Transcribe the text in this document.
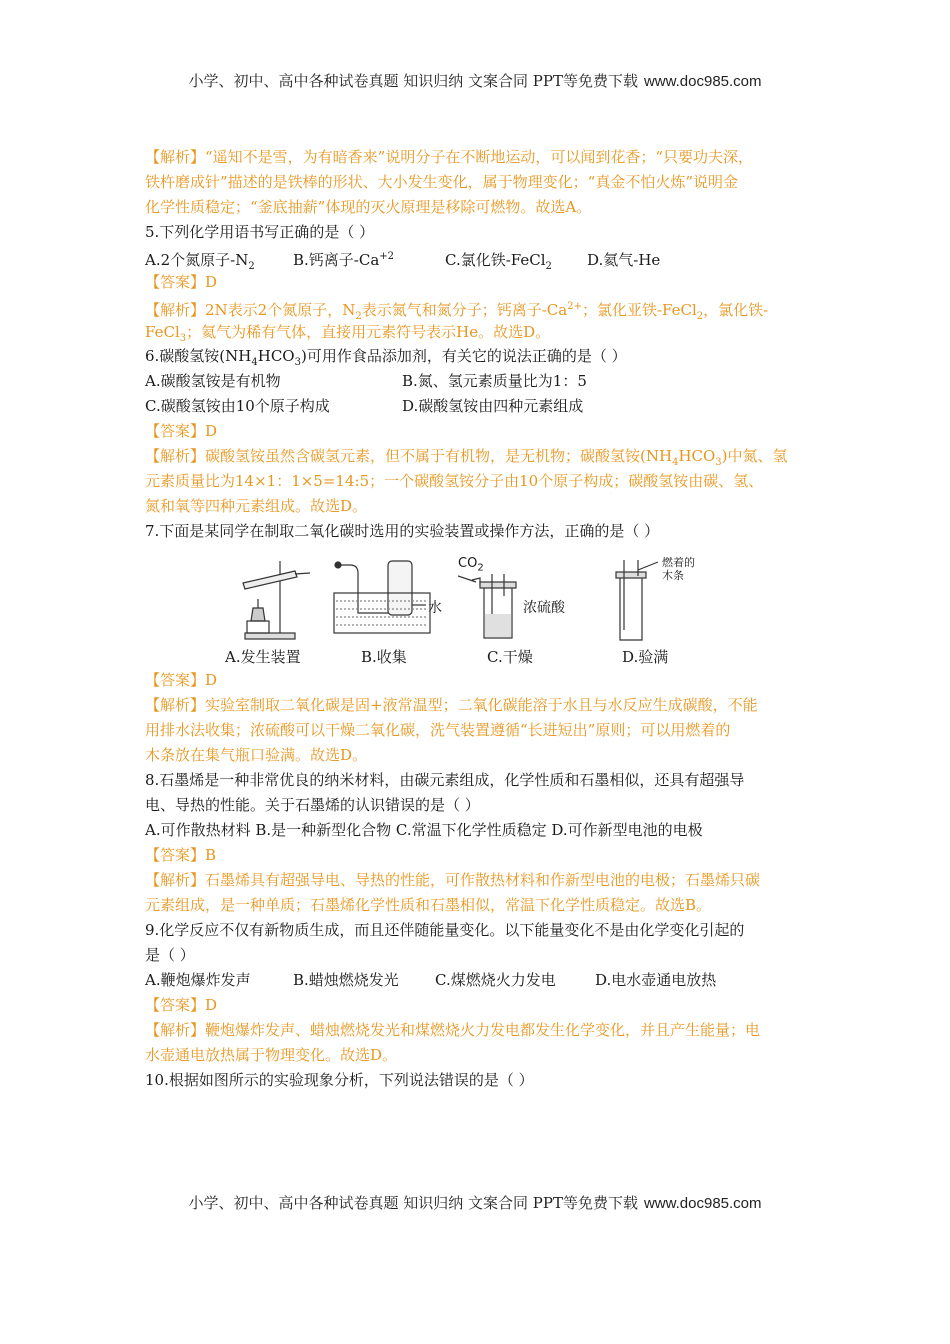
小学、初中、高中各种试卷真题 知识归纳 文案合同 PPT等免费下载 www.doc985.com
【解析】“遥知不是雪，为有暗香来”说明分子在不断地运动，可以闻到花香；“只要功夫深，
铁杵磨成针”描述的是铁棒的形状、大小发生变化，属于物理变化；“真金不怕火炼”说明金
化学性质稳定；“釜底抽薪”体现的灭火原理是移除可燃物。故选A。
5.下列化学用语书写正确的是（ ）
A.2个氮原子$-N_2$	B.钙离子$-Ca^{+2}$	C.氯化铁-FeCl$_2$ D.氦气-He
【答案】D
【解析】2N表示2个氮原子，$N_2$表示氮气和氮分子；钙离子$-Ca^{2+}$；氯化亚铁-FeCl$_2$，氯化铁-
FeCl$_3$；氦气为稀有气体，直接用元素符号表示He。故选D。
6.碳酸氢铵$(NH_4HCO_3)$可用作食品添加剂，有关它的说法正确的是（ ）
A.碳酸氢铵是有机物	B.氮、氢元素质量比为1：5
C.碳酸氢铵由10个原子构成	D.碳酸氢铵由四种元素组成
【答案】D
【解析】碳酸氢铵虽然含碳氢元素，但不属于有机物，是无机物；碳酸氢铵$(NH_4HCO_3)$中氮、氢
元素质量比为14×1：1×5=14:5；一个碳酸氢铵分子由10个原子构成；碳酸氢铵由碳、氢、
氮和氧等四种元素组成。故选D。
7.下面是某同学在制取二氧化碳时选用的实验装置或操作方法，正确的是（ ）
水
$CO_2$
浓硫酸
燃着的
木条
A.发生装置	B.收集	C.干燥	D.验满
【答案】D
【解析】实验室制取二氧化碳是固+液常温型；二氧化碳能溶于水且与水反应生成碳酸，不能
用排水法收集；浓硫酸可以干燥二氧化碳，洗气装置遵循“长进短出”原则；可以用燃着的
木条放在集气瓶口验满。故选D。
8.石墨烯是一种非常优良的纳米材料，由碳元素组成，化学性质和石墨相似，还具有超强导
电、导热的性能。关于石墨烯的认识错误的是（ ）
A.可作散热材料 B.是一种新型化合物 C.常温下化学性质稳定 D.可作新型电池的电极
【答案】B
【解析】石墨烯具有超强导电、导热的性能，可作散热材料和作新型电池的电极；石墨烯只碳
元素组成，是一种单质；石墨烯化学性质和石墨相似，常温下化学性质稳定。故选B。
9.化学反应不仅有新物质生成，而且还伴随能量变化。以下能量变化不是由化学变化引起的
是（ ）
A.鞭炮爆炸发声	B.蜡烛燃烧发光 C.煤燃烧火力发电	D.电水壶通电放热
【答案】D
【解析】鞭炮爆炸发声、蜡烛燃烧发光和煤燃烧火力发电都发生化学变化，并且产生能量；电
水壶通电放热属于物理变化。故选D。
10.根据如图所示的实验现象分析，下列说法错误的是（ ）
小学、初中、高中各种试卷真题 知识归纳 文案合同 PPT等免费下载 www.doc985.com
